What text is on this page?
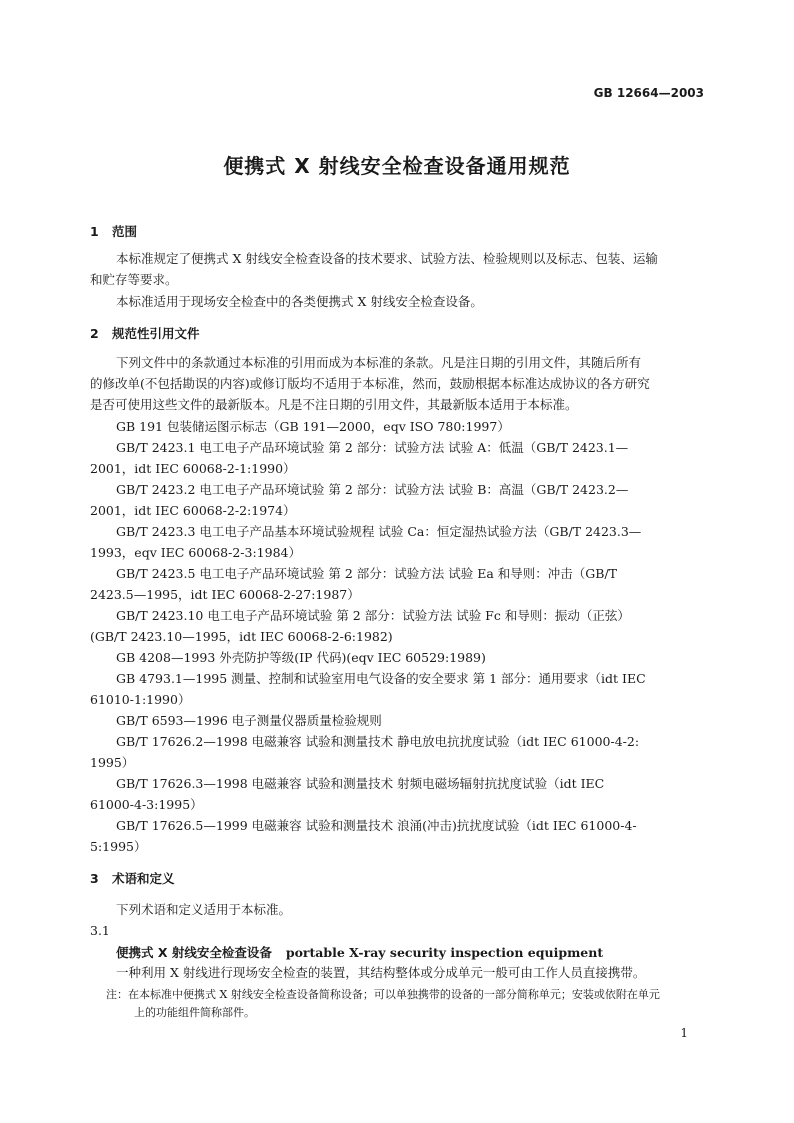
GB 12664—2003
便携式 X 射线安全检查设备通用规范
1 范围
本标准规定了便携式 X 射线安全检查设备的技术要求、试验方法、检验规则以及标志、包装、运输
和贮存等要求。
本标准适用于现场安全检查中的各类便携式 X 射线安全检查设备。
2 规范性引用文件
下列文件中的条款通过本标准的引用而成为本标准的条款。凡是注日期的引用文件，其随后所有
的修改单(不包括勘误的内容)或修订版均不适用于本标准，然而，鼓励根据本标准达成协议的各方研究
是否可使用这些文件的最新版本。凡是不注日期的引用文件，其最新版本适用于本标准。
GB 191 包装储运图示标志（GB 191—2000，eqv ISO 780:1997）
GB/T 2423.1 电工电子产品环境试验 第 2 部分：试验方法 试验 A：低温（GB/T 2423.1—
2001，idt IEC 60068-2-1:1990）
GB/T 2423.2 电工电子产品环境试验 第 2 部分：试验方法 试验 B：高温（GB/T 2423.2—
2001，idt IEC 60068-2-2:1974）
GB/T 2423.3 电工电子产品基本环境试验规程 试验 Ca：恒定湿热试验方法（GB/T 2423.3—
1993，eqv IEC 60068-2-3:1984）
GB/T 2423.5 电工电子产品环境试验 第 2 部分：试验方法 试验 Ea 和导则：冲击（GB/T
2423.5—1995，idt IEC 60068-2-27:1987）
GB/T 2423.10 电工电子产品环境试验 第 2 部分：试验方法 试验 Fc 和导则：振动（正弦）
(GB/T 2423.10—1995，idt IEC 60068-2-6:1982)
GB 4208—1993 外壳防护等级(IP 代码)(eqv IEC 60529:1989)
GB 4793.1—1995 测量、控制和试验室用电气设备的安全要求 第 1 部分：通用要求（idt IEC
61010-1:1990）
GB/T 6593—1996 电子测量仪器质量检验规则
GB/T 17626.2—1998 电磁兼容 试验和测量技术 静电放电抗扰度试验（idt IEC 61000-4-2:
1995）
GB/T 17626.3—1998 电磁兼容 试验和测量技术 射频电磁场辐射抗扰度试验（idt IEC
61000-4-3:1995）
GB/T 17626.5—1999 电磁兼容 试验和测量技术 浪涌(冲击)抗扰度试验（idt IEC 61000-4-
5:1995）
3 术语和定义
下列术语和定义适用于本标准。
3.1
便携式 X 射线安全检查设备 portable X-ray security inspection equipment
一种利用 X 射线进行现场安全检查的装置，其结构整体或分成单元一般可由工作人员直接携带。
注：在本标准中便携式 X 射线安全检查设备简称设备；可以单独携带的设备的一部分简称单元；安装或依附在单元
上的功能组件简称部件。
1
